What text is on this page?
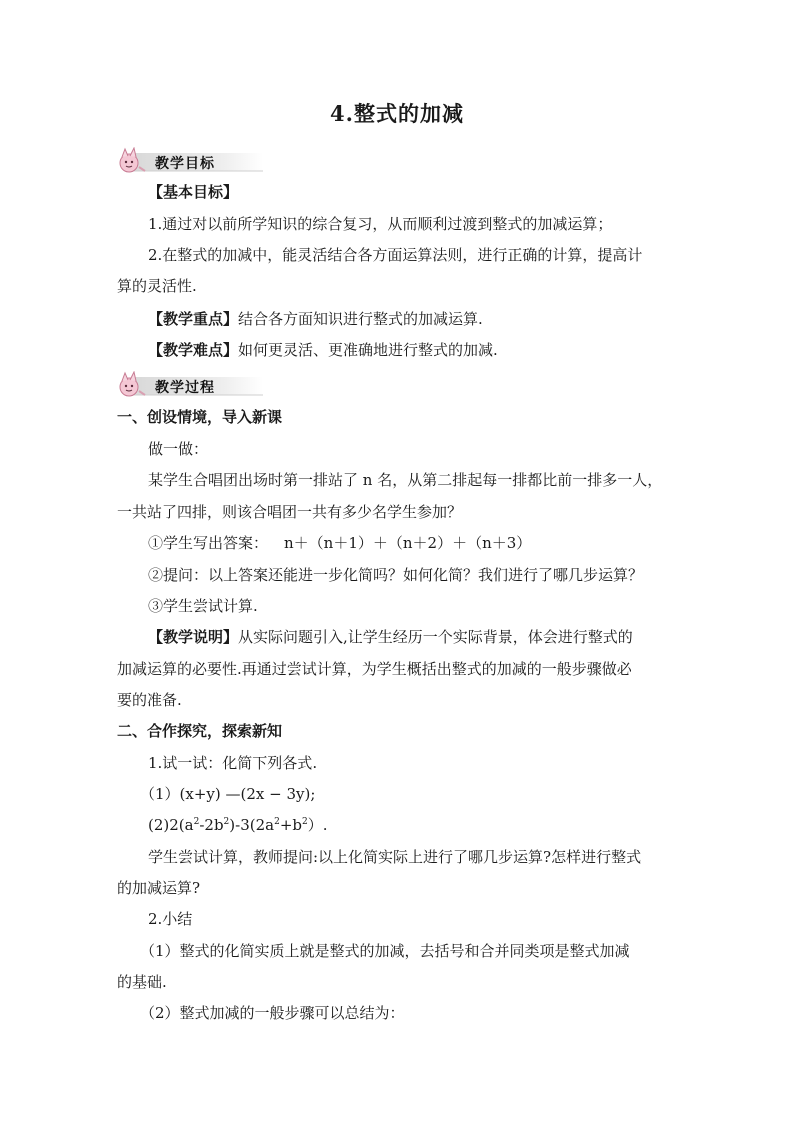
4.整式的加减
教学目标
【基本目标】
1.通过对以前所学知识的综合复习，从而顺利过渡到整式的加减运算；
2.在整式的加减中，能灵活结合各方面运算法则，进行正确的计算，提高计
算的灵活性.
【教学重点】结合各方面知识进行整式的加减运算.
【教学难点】如何更灵活、更准确地进行整式的加减.
教学过程
一、创设情境，导入新课
做一做：
某学生合唱团出场时第一排站了 n 名，从第二排起每一排都比前一排多一人，
一共站了四排，则该合唱团一共有多少名学生参加？
①学生写出答案： n＋（n＋1）＋（n＋2）＋（n＋3）
②提问：以上答案还能进一步化简吗？如何化简？我们进行了哪几步运算？
③学生尝试计算.
【教学说明】从实际问题引入,让学生经历一个实际背景，体会进行整式的
加减运算的必要性.再通过尝试计算，为学生概括出整式的加减的一般步骤做必
要的准备.
二、合作探究，探索新知
1.试一试：化简下列各式.
（1）(x+y) —(2x − 3y);
$(2)2(a^2-2b^2)-3(2a^2+b^2)$.
学生尝试计算，教师提问:以上化简实际上进行了哪几步运算?怎样进行整式
的加减运算?
2.小结
（1）整式的化简实质上就是整式的加减，去括号和合并同类项是整式加减
的基础.
（2）整式加减的一般步骤可以总结为：
